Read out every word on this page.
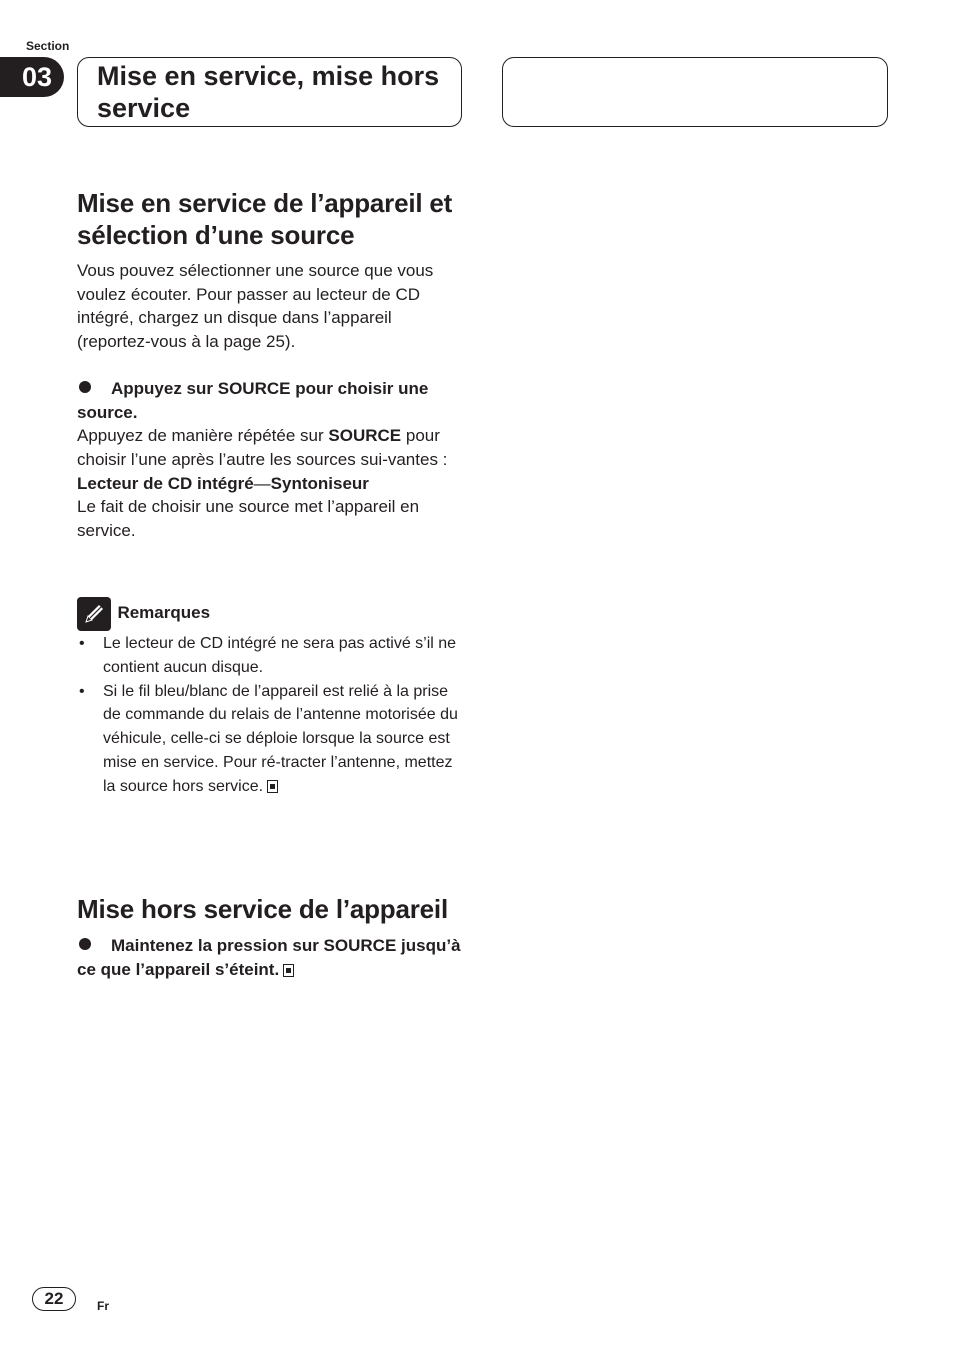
Section
03 Mise en service, mise hors service
Mise en service de l’appareil et sélection d’une source
Vous pouvez sélectionner une source que vous voulez écouter. Pour passer au lecteur de CD intégré, chargez un disque dans l’appareil (reportez-vous à la page 25).
Appuyez sur SOURCE pour choisir une source.
Appuyez de manière répétée sur SOURCE pour choisir l’une après l’autre les sources sui-vantes :
Lecteur de CD intégré—Syntoniseur
Le fait de choisir une source met l’appareil en service.
Remarques
• Le lecteur de CD intégré ne sera pas activé s’il ne contient aucun disque.
• Si le fil bleu/blanc de l’appareil est relié à la prise de commande du relais de l’antenne motorisée du véhicule, celle-ci se déploie lorsque la source est mise en service. Pour ré-tracter l’antenne, mettez la source hors service.
Mise hors service de l’appareil
Maintenez la pression sur SOURCE jusqu’à ce que l’appareil s’éteint.
22	Fr
